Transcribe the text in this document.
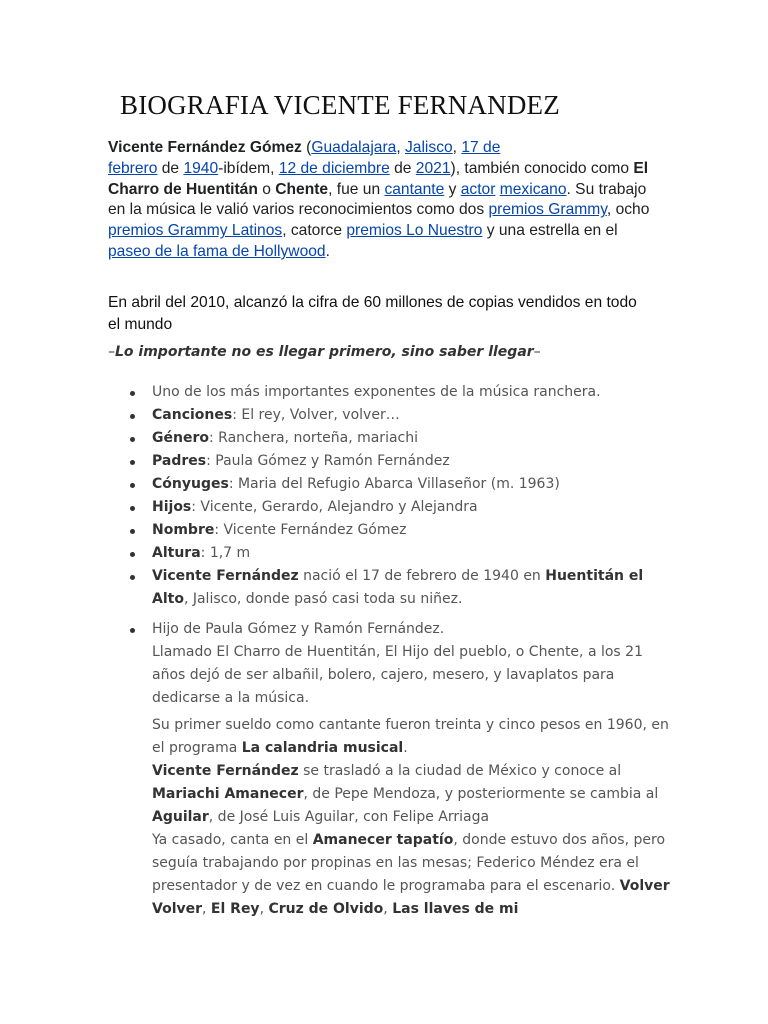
BIOGRAFIA VICENTE FERNANDEZ

Vicente Fernández Gómez (Guadalajara, Jalisco, 17 de
febrero de 1940-ibídem, 12 de diciembre de 2021), también conocido como El Charro de Huentitán o Chente, fue un cantante y actor mexicano. Su trabajo en la música le valió varios reconocimientos como dos premios Grammy, ocho premios Grammy Latinos, catorce premios Lo Nuestro y una estrella en el paseo de la fama de Hollywood.

En abril del 2010, alcanzó la cifra de 60 millones de copias vendidos en todo el mundo

–Lo importante no es llegar primero, sino saber llegar–

Uno de los más importantes exponentes de la música ranchera.
Canciones: El rey, Volver, volver…
Género: Ranchera, norteña, mariachi
Padres: Paula Gómez y Ramón Fernández
Cónyuges: Maria del Refugio Abarca Villaseñor (m. 1963)
Hijos: Vicente, Gerardo, Alejandro y Alejandra
Nombre: Vicente Fernández Gómez
Altura: 1,7 m
Vicente Fernández nació el 17 de febrero de 1940 en Huentitán el Alto, Jalisco, donde pasó casi toda su niñez.
Hijo de Paula Gómez y Ramón Fernández.
Llamado El Charro de Huentitán, El Hijo del pueblo, o Chente, a los 21 años dejó de ser albañil, bolero, cajero, mesero, y lavaplatos para dedicarse a la música.

Su primer sueldo como cantante fueron treinta y cinco pesos en 1960, en el programa La calandria musical.
Vicente Fernández se trasladó a la ciudad de México y conoce al Mariachi Amanecer, de Pepe Mendoza, y posteriormente se cambia al Aguilar, de José Luis Aguilar, con Felipe Arriaga
Ya casado, canta en el Amanecer tapatío, donde estuvo dos años, pero seguía trabajando por propinas en las mesas; Federico Méndez era el presentador y de vez en cuando le programaba para el escenario. Volver Volver, El Rey, Cruz de Olvido, Las llaves de mi
